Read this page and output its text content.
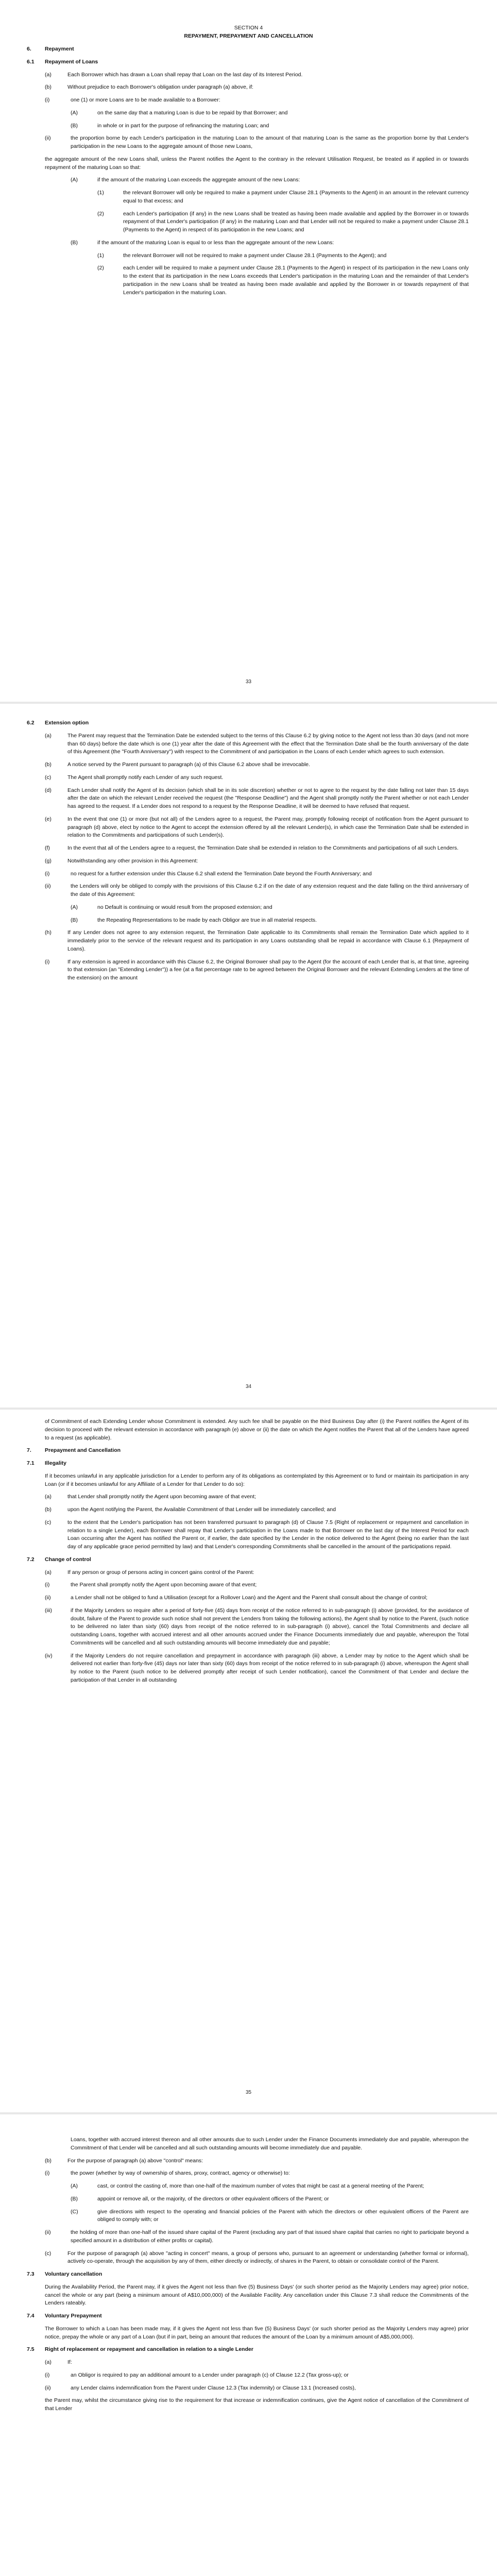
SECTION 4
REPAYMENT, PREPAYMENT AND CANCELLATION
6.	Repayment
6.1	Repayment of Loans
(a)	Each Borrower which has drawn a Loan shall repay that Loan on the last day of its Interest Period.
(b)	Without prejudice to each Borrower's obligation under paragraph (a) above, if:
(i)	one (1) or more Loans are to be made available to a Borrower:
(A)	on the same day that a maturing Loan is due to be repaid by that Borrower; and
(B)	in whole or in part for the purpose of refinancing the maturing Loan; and
(ii)	the proportion borne by each Lender's participation in the maturing Loan to the amount of that maturing Loan is the same as the proportion borne by that Lender's participation in the new Loans to the aggregate amount of those new Loans,
the aggregate amount of the new Loans shall, unless the Parent notifies the Agent to the contrary in the relevant Utilisation Request, be treated as if applied in or towards repayment of the maturing Loan so that:
(A)	if the amount of the maturing Loan exceeds the aggregate amount of the new Loans:
(1)	the relevant Borrower will only be required to make a payment under Clause 28.1 (Payments to the Agent) in an amount in the relevant currency equal to that excess; and
(2)	each Lender's participation (if any) in the new Loans shall be treated as having been made available and applied by the Borrower in or towards repayment of that Lender's participation (if any) in the maturing Loan and that Lender will not be required to make a payment under Clause 28.1 (Payments to the Agent) in respect of its participation in the new Loans; and
(B)	if the amount of the maturing Loan is equal to or less than the aggregate amount of the new Loans:
(1)	the relevant Borrower will not be required to make a payment under Clause 28.1 (Payments to the Agent); and
(2)	each Lender will be required to make a payment under Clause 28.1 (Payments to the Agent) in respect of its participation in the new Loans only to the extent that its participation in the new Loans exceeds that Lender's participation in the maturing Loan and the remainder of that Lender's participation in the new Loans shall be treated as having been made available and applied by the Borrower in or towards repayment of that Lender's participation in the maturing Loan.
33
6.2	Extension option
(a)	The Parent may request that the Termination Date be extended subject to the terms of this Clause 6.2 by giving notice to the Agent not less than 30 days (and not more than 60 days) before the date which is one (1) year after the date of this Agreement with the effect that the Termination Date shall be the fourth anniversary of the date of this Agreement (the "Fourth Anniversary") with respect to the Commitment of and participation in the Loans of each Lender which agrees to such extension.
(b)	A notice served by the Parent pursuant to paragraph (a) of this Clause 6.2 above shall be irrevocable.
(c)	The Agent shall promptly notify each Lender of any such request.
(d)	Each Lender shall notify the Agent of its decision (which shall be in its sole discretion) whether or not to agree to the request by the date falling not later than 15 days after the date on which the relevant Lender received the request (the "Response Deadline") and the Agent shall promptly notify the Parent whether or not each Lender has agreed to the request. If a Lender does not respond to a request by the Response Deadline, it will be deemed to have refused that request.
(e)	In the event that one (1) or more (but not all) of the Lenders agree to a request, the Parent may, promptly following receipt of notification from the Agent pursuant to paragraph (d) above, elect by notice to the Agent to accept the extension offered by all the relevant Lender(s), in which case the Termination Date shall be extended in relation to the Commitments and participations of such Lender(s).
(f)	In the event that all of the Lenders agree to a request, the Termination Date shall be extended in relation to the Commitments and participations of all such Lenders.
(g)	Notwithstanding any other provision in this Agreement:
(i)	no request for a further extension under this Clause 6.2 shall extend the Termination Date beyond the Fourth Anniversary; and
(ii)	the Lenders will only be obliged to comply with the provisions of this Clause 6.2 if on the date of any extension request and the date falling on the third anniversary of the date of this Agreement:
(A)	no Default is continuing or would result from the proposed extension; and
(B)	the Repeating Representations to be made by each Obligor are true in all material respects.
(h)	If any Lender does not agree to any extension request, the Termination Date applicable to its Commitments shall remain the Termination Date which applied to it immediately prior to the service of the relevant request and its participation in any Loans outstanding shall be repaid in accordance with Clause 6.1 (Repayment of Loans).
(i)	If any extension is agreed in accordance with this Clause 6.2, the Original Borrower shall pay to the Agent (for the account of each Lender that is, at that time, agreeing to that extension (an "Extending Lender")) a fee (at a flat percentage rate to be agreed between the Original Borrower and the relevant Extending Lenders at the time of the extension) on the amount
34
of Commitment of each Extending Lender whose Commitment is extended. Any such fee shall be payable on the third Business Day after (i) the Parent notifies the Agent of its decision to proceed with the relevant extension in accordance with paragraph (e) above or (ii) the date on which the Agent notifies the Parent that all of the Lenders have agreed to a request (as applicable).
7.	Prepayment and Cancellation
7.1	Illegality
If it becomes unlawful in any applicable jurisdiction for a Lender to perform any of its obligations as contemplated by this Agreement or to fund or maintain its participation in any Loan (or if it becomes unlawful for any Affiliate of a Lender for that Lender to do so):
(a)	that Lender shall promptly notify the Agent upon becoming aware of that event;
(b)	upon the Agent notifying the Parent, the Available Commitment of that Lender will be immediately cancelled; and
(c)	to the extent that the Lender's participation has not been transferred pursuant to paragraph (d) of Clause 7.5 (Right of replacement or repayment and cancellation in relation to a single Lender), each Borrower shall repay that Lender's participation in the Loans made to that Borrower on the last day of the Interest Period for each Loan occurring after the Agent has notified the Parent or, if earlier, the date specified by the Lender in the notice delivered to the Agent (being no earlier than the last day of any applicable grace period permitted by law) and that Lender's corresponding Commitments shall be cancelled in the amount of the participations repaid.
7.2	Change of control
(a)	If any person or group of persons acting in concert gains control of the Parent:
(i)	the Parent shall promptly notify the Agent upon becoming aware of that event;
(ii)	a Lender shall not be obliged to fund a Utilisation (except for a Rollover Loan) and the Agent and the Parent shall consult about the change of control;
(iii)	if the Majority Lenders so require after a period of forty-five (45) days from receipt of the notice referred to in sub-paragraph (i) above (provided, for the avoidance of doubt, failure of the Parent to provide such notice shall not prevent the Lenders from taking the following actions), the Agent shall by notice to the Parent, (such notice to be delivered no later than sixty (60) days from receipt of the notice referred to in sub-paragraph (i) above), cancel the Total Commitments and declare all outstanding Loans, together with accrued interest and all other amounts accrued under the Finance Documents immediately due and payable, whereupon the Total Commitments will be cancelled and all such outstanding amounts will become immediately due and payable;
(iv)	if the Majority Lenders do not require cancellation and prepayment in accordance with paragraph (iii) above, a Lender may by notice to the Agent which shall be delivered not earlier than forty-five (45) days nor later than sixty (60) days from receipt of the notice referred to in sub-paragraph (i) above, whereupon the Agent shall by notice to the Parent (such notice to be delivered promptly after receipt of such Lender notification), cancel the Commitment of that Lender and declare the participation of that Lender in all outstanding
35
Loans, together with accrued interest thereon and all other amounts due to such Lender under the Finance Documents immediately due and payable, whereupon the Commitment of that Lender will be cancelled and all such outstanding amounts will become immediately due and payable.
(b)	For the purpose of paragraph (a) above "control" means:
(i)	the power (whether by way of ownership of shares, proxy, contract, agency or otherwise) to:
(A)	cast, or control the casting of, more than one-half of the maximum number of votes that might be cast at a general meeting of the Parent;
(B)	appoint or remove all, or the majority, of the directors or other equivalent officers of the Parent; or
(C)	give directions with respect to the operating and financial policies of the Parent with which the directors or other equivalent officers of the Parent are obliged to comply with; or
(ii)	the holding of more than one-half of the issued share capital of the Parent (excluding any part of that issued share capital that carries no right to participate beyond a specified amount in a distribution of either profits or capital).
(c)	For the purpose of paragraph (a) above "acting in concert" means, a group of persons who, pursuant to an agreement or understanding (whether formal or informal), actively co-operate, through the acquisition by any of them, either directly or indirectly, of shares in the Parent, to obtain or consolidate control of the Parent.
7.3	Voluntary cancellation
During the Availability Period, the Parent may, if it gives the Agent not less than five (5) Business Days' (or such shorter period as the Majority Lenders may agree) prior notice, cancel the whole or any part (being a minimum amount of A$10,000,000) of the Available Facility. Any cancellation under this Clause 7.3 shall reduce the Commitments of the Lenders rateably.
7.4	Voluntary Prepayment
The Borrower to which a Loan has been made may, if it gives the Agent not less than five (5) Business Days' (or such shorter period as the Majority Lenders may agree) prior notice, prepay the whole or any part of a Loan (but if in part, being an amount that reduces the amount of the Loan by a minimum amount of A$5,000,000).
7.5	Right of replacement or repayment and cancellation in relation to a single Lender
(a)	If:
(i)	an Obligor is required to pay an additional amount to a Lender under paragraph (c) of Clause 12.2 (Tax gross-up); or
(ii)	any Lender claims indemnification from the Parent under Clause 12.3 (Tax indemnity) or Clause 13.1 (Increased costs),
the Parent may, whilst the circumstance giving rise to the requirement for that increase or indemnification continues, give the Agent notice of cancellation of the Commitment of that Lender
